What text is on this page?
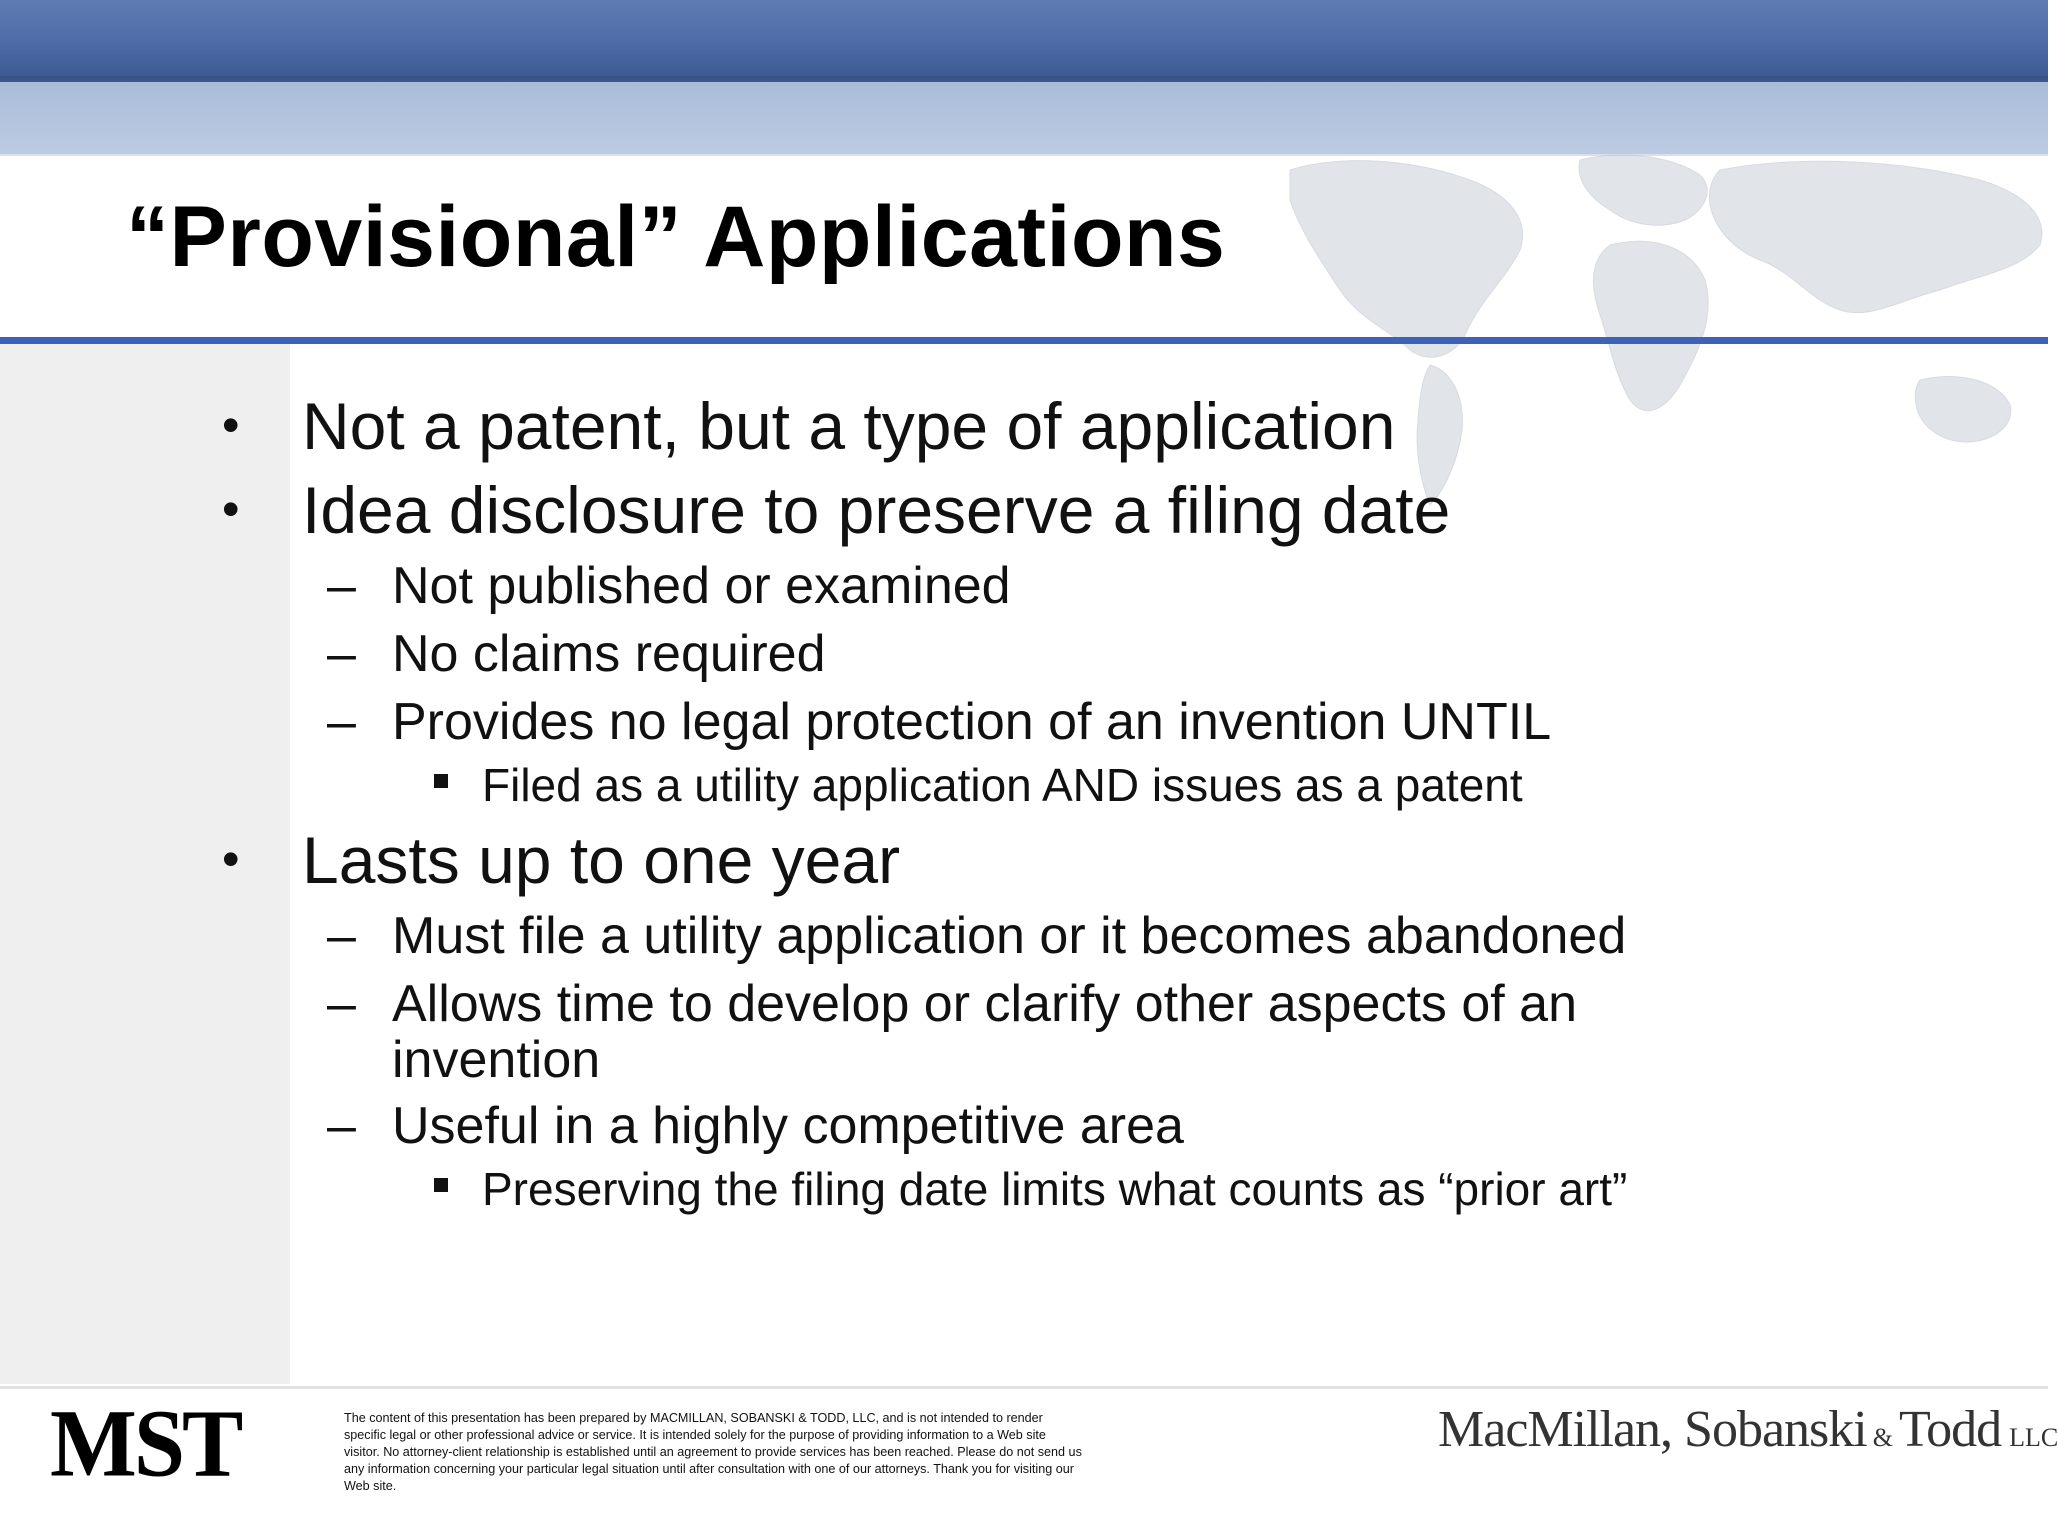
“Provisional” Applications
• Not a patent, but a type of application
• Idea disclosure to preserve a filing date
– Not published or examined
– No claims required
– Provides no legal protection of an invention UNTIL
Filed as a utility application AND issues as a patent
• Lasts up to one year
– Must file a utility application or it becomes abandoned
– Allows time to develop or clarify other aspects of an
invention
– Useful in a highly competitive area
Preserving the filing date limits what counts as “prior art”
MST	The content of this presentation has been prepared by MACMILLAN, SOBANSKI & TODD, LLC, and is not intended to render specific legal or other professional advice or service. It is intended solely for the purpose of providing information to a Web site visitor. No attorney-client relationship is established until an agreement to provide services has been reached. Please do not send us any information concerning your particular legal situation until after consultation with one of our attorneys. Thank you for visiting our Web site.

MacMillan, Sobanski & Todd LLC
